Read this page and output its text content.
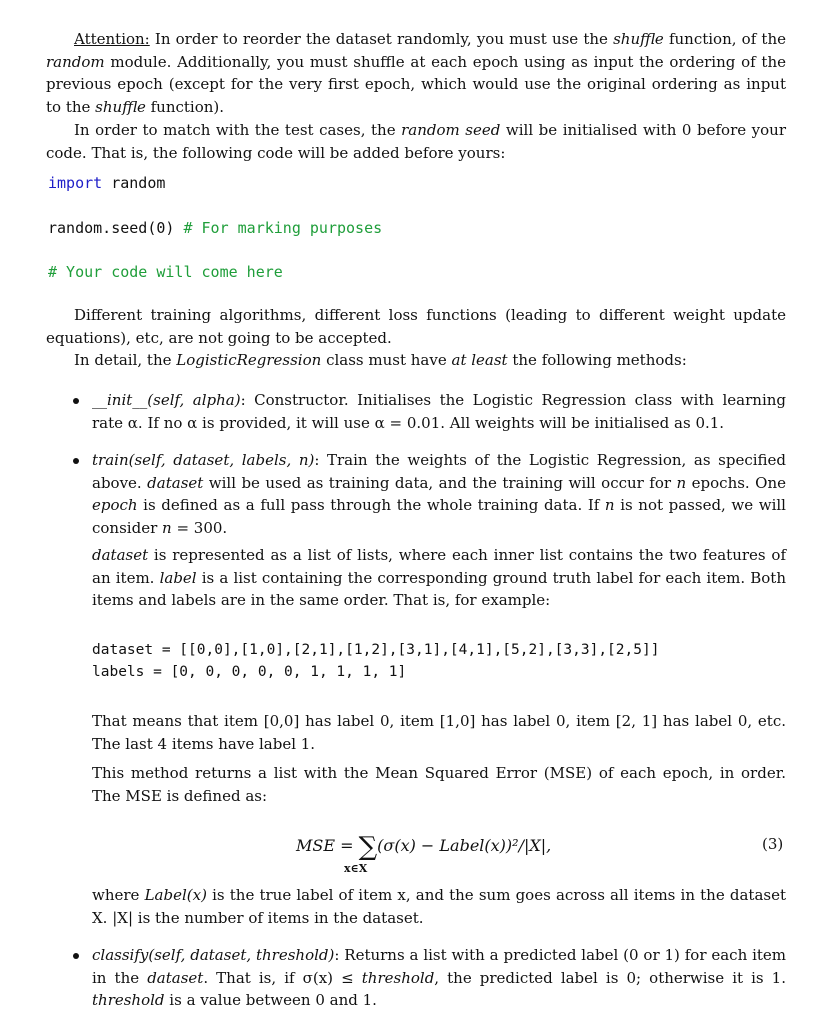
Attention: In order to reorder the dataset randomly, you must use the shuffle function, of the random module. Additionally, you must shuffle at each epoch using as input the ordering of the previous epoch (except for the very first epoch, which would use the original ordering as input to the shuffle function).

In order to match with the test cases, the random seed will be initialised with 0 before your code. That is, the following code will be added before yours:

import random
random.seed(0) # For marking purposes
# Your code will come here

Different training algorithms, different loss functions (leading to different weight update equations), etc, are not going to be accepted.

In detail, the LogisticRegression class must have at least the following methods:

__init__(self, alpha): Constructor. Initialises the Logistic Regression class with learning rate α. If no α is provided, it will use α = 0.01. All weights will be initialised as 0.1.

train(self, dataset, labels, n): Train the weights of the Logistic Regression, as specified above. dataset will be used as training data, and the training will occur for n epochs. One epoch is defined as a full pass through the whole training data. If n is not passed, we will consider n = 300.

dataset is represented as a list of lists, where each inner list contains the two features of an item. label is a list containing the corresponding ground truth label for each item. Both items and labels are in the same order. That is, for example:

dataset = [[0,0],[1,0],[2,1],[1,2],[3,1],[4,1],[5,2],[3,3],[2,5]]
labels = [0, 0, 0, 0, 0, 1, 1, 1, 1]

That means that item [0,0] has label 0, item [1,0] has label 0, item [2, 1] has label 0, etc. The last 4 items have label 1.

This method returns a list with the Mean Squared Error (MSE) of each epoch, in order. The MSE is defined as:

MSE = ∑(σ(x) − Label(x))²/|X|,
x∈X
(3)

where Label(x) is the true label of item x, and the sum goes across all items in the dataset X. |X| is the number of items in the dataset.

classify(self, dataset, threshold): Returns a list with a predicted label (0 or 1) for each item in the dataset. That is, if σ(x) ≤ threshold, the predicted label is 0; otherwise it is 1. threshold is a value between 0 and 1.
